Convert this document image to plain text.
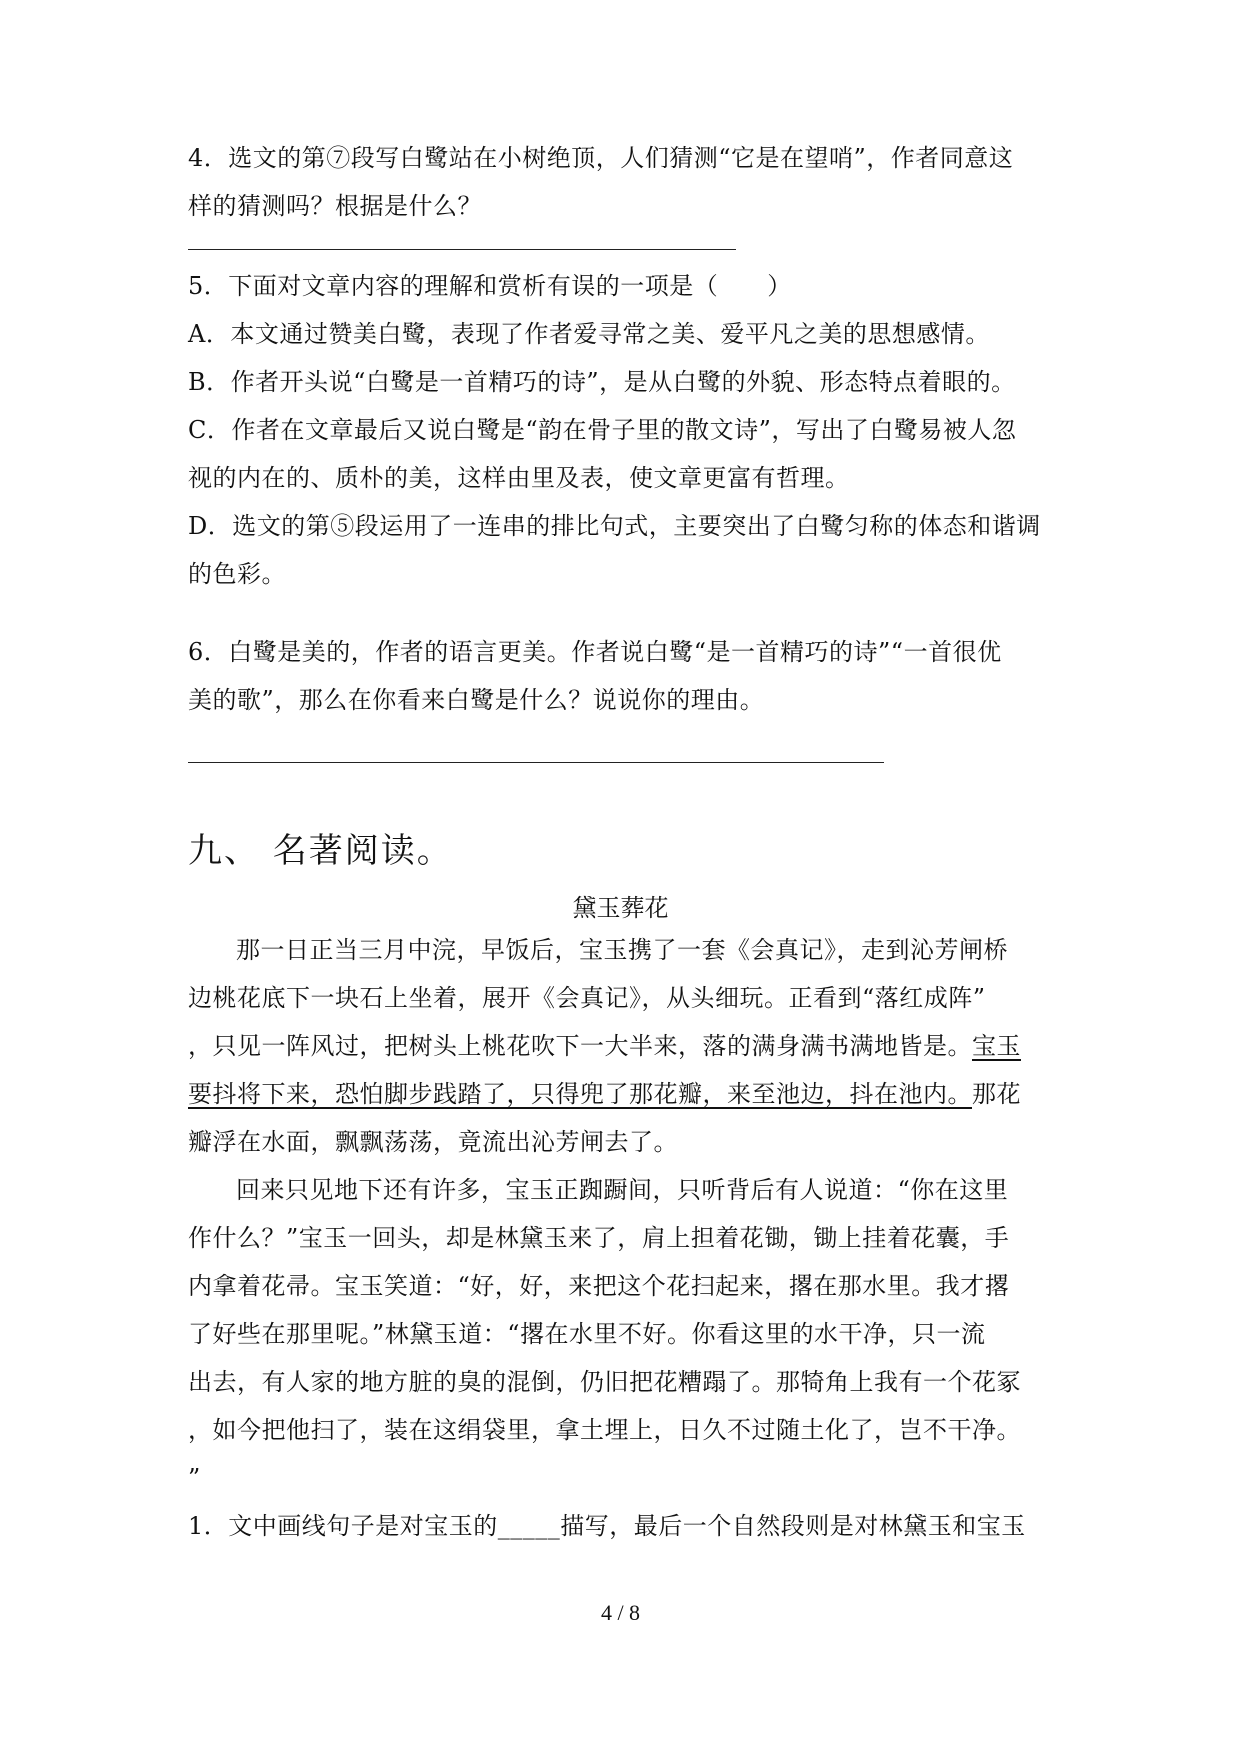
4．选文的第⑦段写白鹭站在小树绝顶，人们猜测“它是在望哨”，作者同意这
样的猜测吗？根据是什么？
5．下面对文章内容的理解和赏析有误的一项是（　　）
A．本文通过赞美白鹭，表现了作者爱寻常之美、爱平凡之美的思想感情。
B．作者开头说“白鹭是一首精巧的诗”，是从白鹭的外貌、形态特点着眼的。
C．作者在文章最后又说白鹭是“韵在骨子里的散文诗”，写出了白鹭易被人忽
视的内在的、质朴的美，这样由里及表，使文章更富有哲理。
D．选文的第⑤段运用了一连串的排比句式，主要突出了白鹭匀称的体态和谐调
的色彩。
6．白鹭是美的，作者的语言更美。作者说白鹭“是一首精巧的诗”“一首很优
美的歌”，那么在你看来白鹭是什么？说说你的理由。
九、 名著阅读。
黛玉葬花
那一日正当三月中浣，早饭后，宝玉携了一套《会真记》，走到沁芳闸桥
边桃花底下一块石上坐着，展开《会真记》，从头细玩。正看到“落红成阵”
，只见一阵风过，把树头上桃花吹下一大半来，落的满身满书满地皆是。宝玉
要抖将下来，恐怕脚步践踏了，只得兜了那花瓣，来至池边，抖在池内。那花
瓣浮在水面，飘飘荡荡，竟流出沁芳闸去了。
回来只见地下还有许多，宝玉正踟蹰间，只听背后有人说道：“你在这里
作什么？”宝玉一回头，却是林黛玉来了，肩上担着花锄，锄上挂着花囊，手
内拿着花帚。宝玉笑道：“好，好，来把这个花扫起来，撂在那水里。我才撂
了好些在那里呢。”林黛玉道：“撂在水里不好。你看这里的水干净，只一流
出去，有人家的地方脏的臭的混倒，仍旧把花糟蹋了。那犄角上我有一个花冢
，如今把他扫了，装在这绢袋里，拿土埋上，日久不过随土化了，岂不干净。
”
1．文中画线句子是对宝玉的_____描写，最后一个自然段则是对林黛玉和宝玉
4 / 8
